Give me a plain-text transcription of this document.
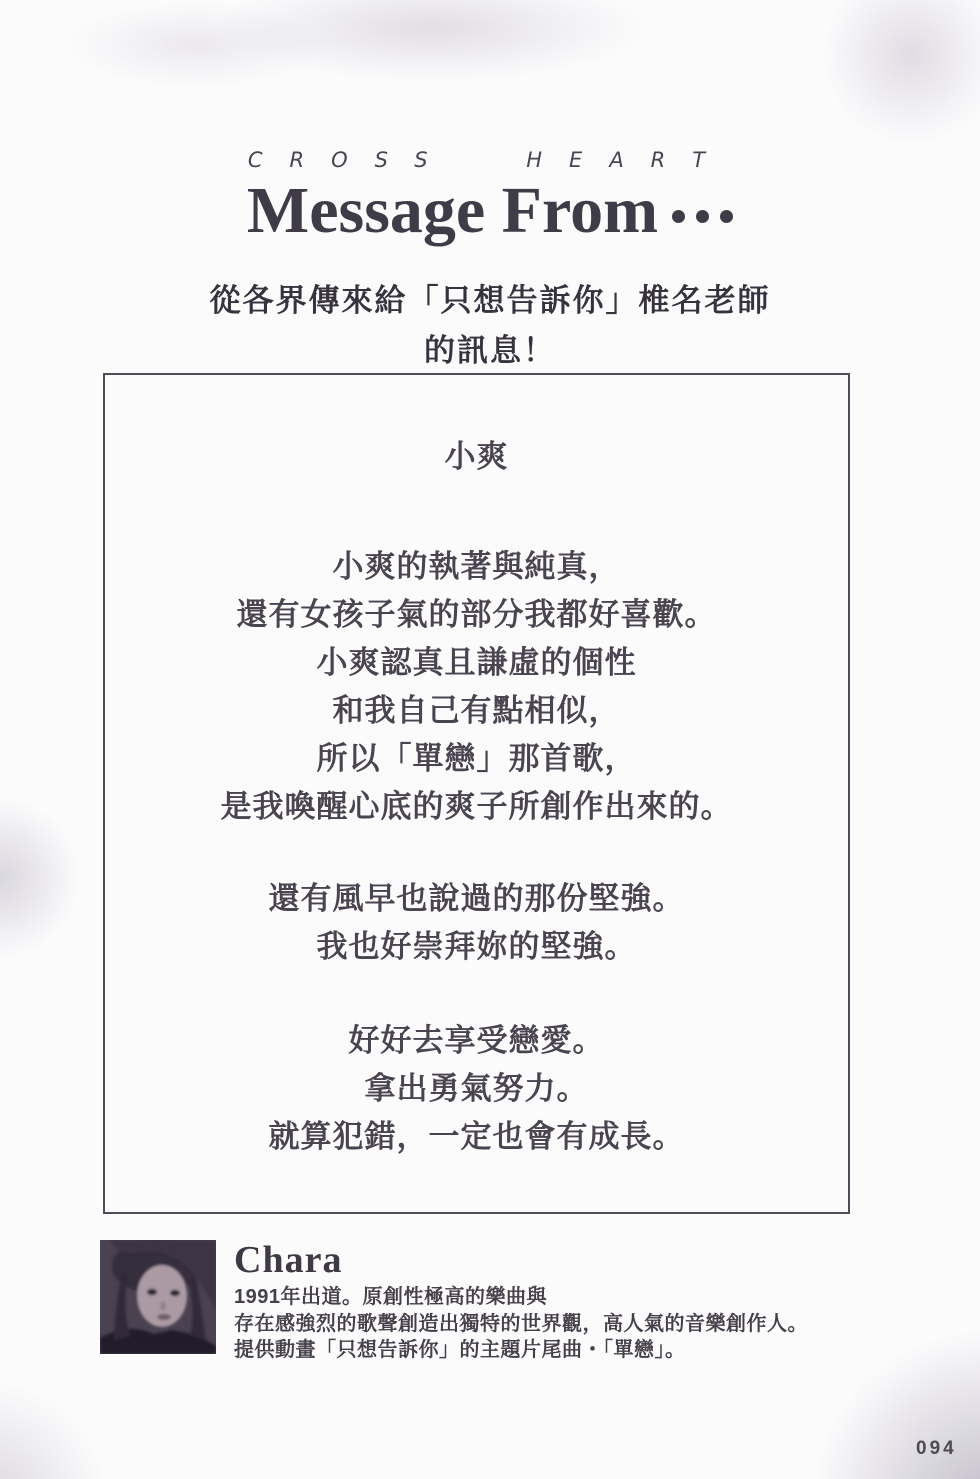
CROSS HEART
Message From
從各界傳來給「只想告訴你」椎名老師
的訊息！

小爽

小爽的執著與純真，
還有女孩子氣的部分我都好喜歡。
小爽認真且謙虛的個性
和我自己有點相似，
所以「單戀」那首歌，
是我喚醒心底的爽子所創作出來的。

還有風早也說過的那份堅強。
我也好崇拜妳的堅強。

好好去享受戀愛。
拿出勇氣努力。
就算犯錯，一定也會有成長。

Chara
1991年出道。原創性極高的樂曲與
存在感強烈的歌聲創造出獨特的世界觀，高人氣的音樂創作人。
提供動畫「只想告訴你」的主題片尾曲・「單戀」。
094
